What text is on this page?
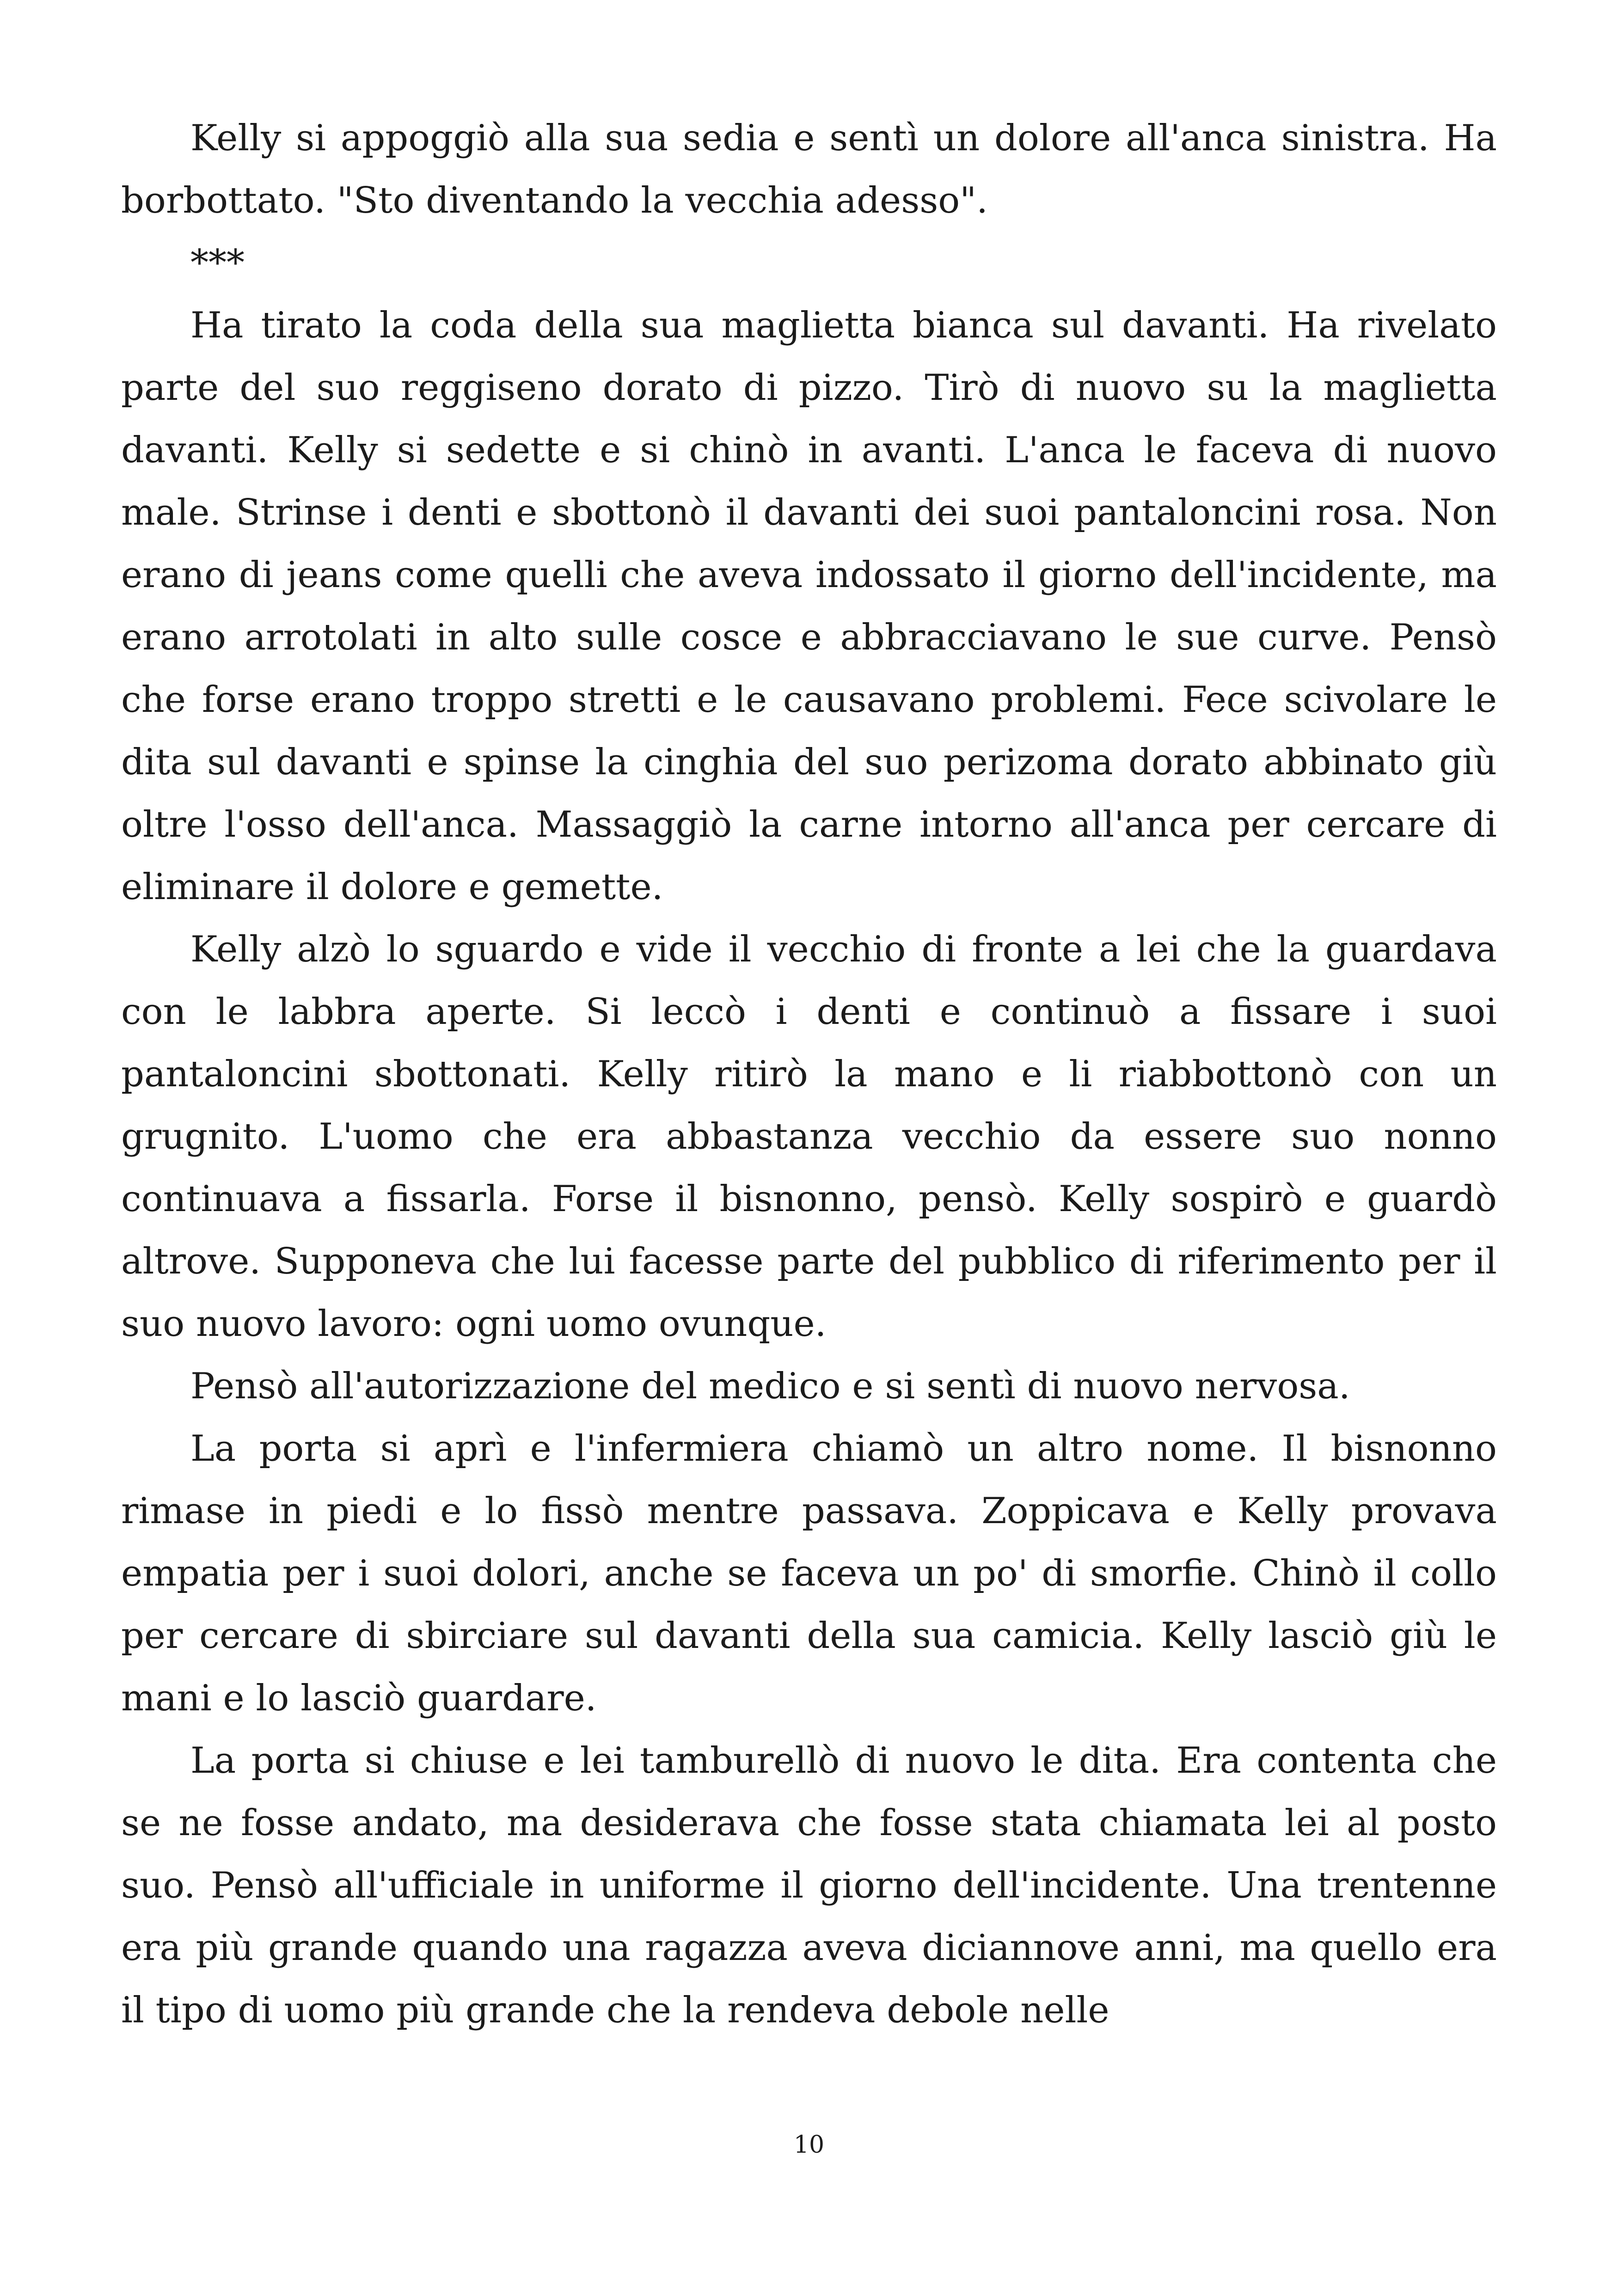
Kelly si appoggiò alla sua sedia e sentì un dolore all'anca sinistra. Ha borbottato. "Sto diventando la vecchia adesso".

***

Ha tirato la coda della sua maglietta bianca sul davanti. Ha rivelato parte del suo reggiseno dorato di pizzo. Tirò di nuovo su la maglietta davanti. Kelly si sedette e si chinò in avanti. L'anca le faceva di nuovo male. Strinse i denti e sbottonò il davanti dei suoi pantaloncini rosa. Non erano di jeans come quelli che aveva indossato il giorno dell'incidente, ma erano arrotolati in alto sulle cosce e abbracciavano le sue curve. Pensò che forse erano troppo stretti e le causavano problemi. Fece scivolare le dita sul davanti e spinse la cinghia del suo perizoma dorato abbinato giù oltre l'osso dell'anca. Massaggiò la carne intorno all'anca per cercare di eliminare il dolore e gemette.

Kelly alzò lo sguardo e vide il vecchio di fronte a lei che la guardava con le labbra aperte. Si leccò i denti e continuò a fissare i suoi pantaloncini sbottonati. Kelly ritirò la mano e li riabbottonò con un grugnito. L'uomo che era abbastanza vecchio da essere suo nonno continuava a fissarla. Forse il bisnonno, pensò. Kelly sospirò e guardò altrove. Supponeva che lui facesse parte del pubblico di riferimento per il suo nuovo lavoro: ogni uomo ovunque.

Pensò all'autorizzazione del medico e si sentì di nuovo nervosa.

La porta si aprì e l'infermiera chiamò un altro nome. Il bisnonno rimase in piedi e lo fissò mentre passava. Zoppicava e Kelly provava empatia per i suoi dolori, anche se faceva un po' di smorfie. Chinò il collo per cercare di sbirciare sul davanti della sua camicia. Kelly lasciò giù le mani e lo lasciò guardare.

La porta si chiuse e lei tamburellò di nuovo le dita. Era contenta che se ne fosse andato, ma desiderava che fosse stata chiamata lei al posto suo. Pensò all'ufficiale in uniforme il giorno dell'incidente. Una trentenne era più grande quando una ragazza aveva diciannove anni, ma quello era il tipo di uomo più grande che la rendeva debole nelle

10
